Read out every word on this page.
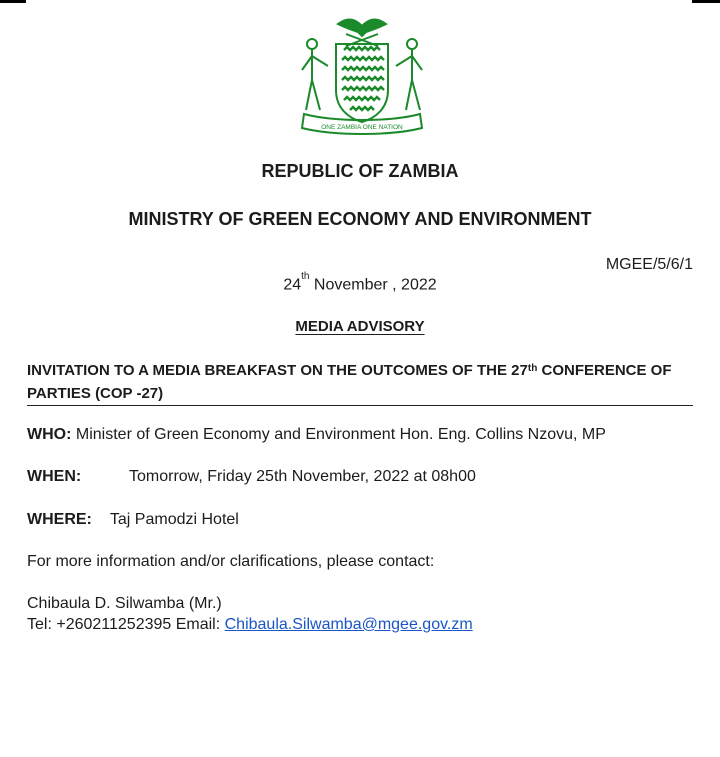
ONE ZAMBIA ONE NATION
REPUBLIC OF ZAMBIA
MINISTRY OF GREEN ECONOMY AND ENVIRONMENT
MGEE/5/6/1
24th November , 2022
MEDIA ADVISORY
INVITATION TO A MEDIA BREAKFAST ON THE OUTCOMES OF THE 27th CONFERENCE OF PARTIES (COP -27)
WHO: Minister of Green Economy and Environment Hon. Eng. Collins Nzovu, MP
WHEN:	Tomorrow, Friday 25th November, 2022 at 08h00
WHERE: Taj Pamodzi Hotel
For more information and/or clarifications, please contact:
Chibaula D. Silwamba (Mr.)
Tel: +260211252395 Email: Chibaula.Silwamba@mgee.gov.zm
